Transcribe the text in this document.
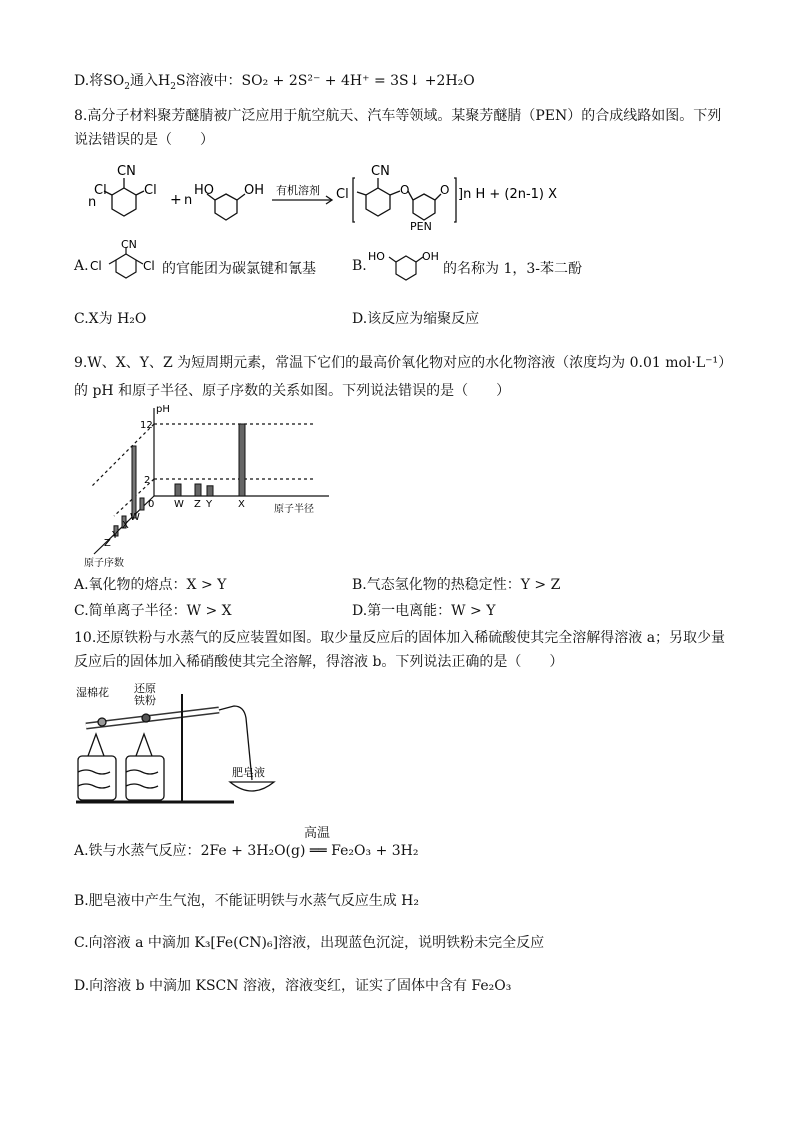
D.将$SO_2$通入$H_2S$溶液中：SO₂ + 2S²⁻ + 4H⁺ = 3S↓ +2H₂O
8.高分子材料聚芳醚腈被广泛应用于航空航天、汽车等领域。某聚芳醚腈（PEN）的合成线路如图。下列
说法错误的是（　　）
n
Cl	Cl
CN
+ n
HO OH 有机溶剂 Cl
CN
O	O ]n H + (2n-1) X
PEN
A.
CN
Cl	Cl 的官能团为碳氯键和氰基	B.
HO	OH
的名称为 1，3-苯二酚
C.X为 H₂O	D.该反应为缩聚反应
9.W、X、Y、Z 为短周期元素，常温下它们的最高价氧化物对应的水化物溶液（浓度均为 0.01 mol·L⁻¹）
的 pH 和原子半径、原子序数的关系如图。下列说法错误的是（　　）
pH
12
2
0	原子半径
原子序数
W Z Y	X
Z
Y
X
W
A.氧化物的熔点：X > Y	B.气态氢化物的热稳定性：Y > Z
C.简单离子半径：W > X	D.第一电离能：W > Y
10.还原铁粉与水蒸气的反应装置如图。取少量反应后的固体加入稀硫酸使其完全溶解得溶液 a；另取少量
反应后的固体加入稀硝酸使其完全溶解，得溶液 b。下列说法正确的是（　　）
湿棉花 还原
铁粉
肥皂液
A.铁与水蒸气反应：2Fe + 3H₂O(g) ══ Fe₂O₃ + 3H₂
高温
B.肥皂液中产生气泡，不能证明铁与水蒸气反应生成 H₂
C.向溶液 a 中滴加 K₃[Fe(CN)₆]溶液，出现蓝色沉淀，说明铁粉未完全反应
D.向溶液 b 中滴加 KSCN 溶液，溶液变红，证实了固体中含有 Fe₂O₃
